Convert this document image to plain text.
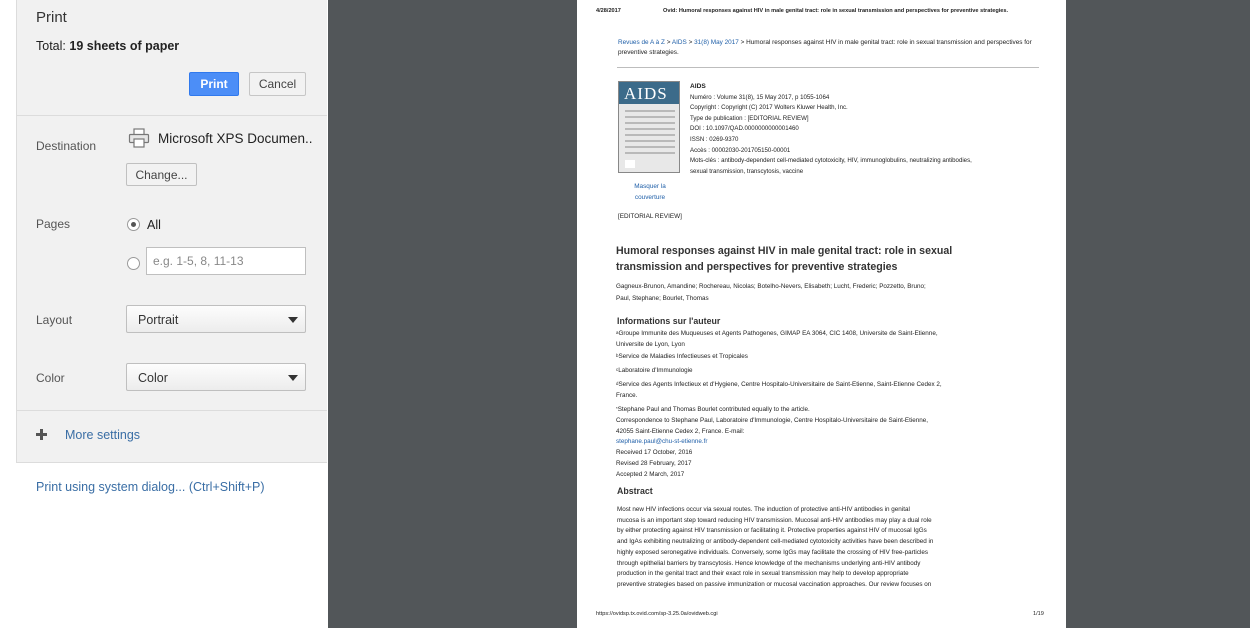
Print
Total: 19 sheets of paper
Print	Cancel
Destination	Microsoft XPS Documen..
Change...
Pages	All
e.g. 1-5, 8, 11-13
Layout	Portrait
Color	Color
More settings
Print using system dialog... (Ctrl+Shift+P)
4/28/2017	Ovid: Humoral responses against HIV in male genital tract: role in sexual transmission and perspectives for preventive strategies.
Revues de A à Z > AIDS > 31(8) May 2017 > Humoral responses against HIV in male genital tract: role in sexual transmission and perspectives for preventive strategies.
AIDS
Masquer la
couverture
AIDS
Numéro : Volume 31(8), 15 May 2017, p 1055-1064
Copyright : Copyright (C) 2017 Wolters Kluwer Health, Inc.
Type de publication : [EDITORIAL REVIEW]
DOI : 10.1097/QAD.0000000000001460
ISSN : 0269-9370
Accès : 00002030-201705150-00001
Mots-clés : antibody-dependent cell-mediated cytotoxicity, HIV, immunoglobulins, neutralizing antibodies,
sexual transmission, transcytosis, vaccine
[EDITORIAL REVIEW]
Humoral responses against HIV in male genital tract: role in sexual
transmission and perspectives for preventive strategies
Gagneux-Brunon, Amandine; Rochereau, Nicolas; Botelho-Nevers, Elisabeth; Lucht, Frederic; Pozzetto, Bruno;
Paul, Stephane; Bourlet, Thomas
Informations sur l'auteur
$^a$Groupe Immunite des Muqueuses et Agents Pathogenes, GIMAP EA 3064, CIC 1408, Universite de Saint-Etienne,
Universite de Lyon, Lyon
$^b$Service de Maladies Infectieuses et Tropicales
$^c$Laboratoire d'Immunologie
$^d$Service des Agents Infectieux et d'Hygiene, Centre Hospitalo-Universitaire de Saint-Etienne, Saint-Etienne Cedex 2,
France.
*Stephane Paul and Thomas Bourlet contributed equally to the article.
Correspondence to Stephane Paul, Laboratoire d'Immunologie, Centre Hospitalo-Universitaire de Saint-Etienne,
42055 Saint-Etienne Cedex 2, France. E-mail:
stephane.paul@chu-st-etienne.fr
Received 17 October, 2016
Revised 28 February, 2017
Accepted 2 March, 2017
Abstract
Most new HIV infections occur via sexual routes. The induction of protective anti-HIV antibodies in genital
mucosa is an important step toward reducing HIV transmission. Mucosal anti-HIV antibodies may play a dual role
by either protecting against HIV transmission or facilitating it. Protective properties against HIV of mucosal IgGs
and IgAs exhibiting neutralizing or antibody-dependent cell-mediated cytotoxicity activities have been described in
highly exposed seronegative individuals. Conversely, some IgGs may facilitate the crossing of HIV free-particles
through epithelial barriers by transcytosis. Hence knowledge of the mechanisms underlying anti-HIV antibody
production in the genital tract and their exact role in sexual transmission may help to develop appropriate
preventive strategies based on passive immunization or mucosal vaccination approaches. Our review focuses on
https://ovidsp.tx.ovid.com/sp-3.25.0a/ovidweb.cgi	1/19
